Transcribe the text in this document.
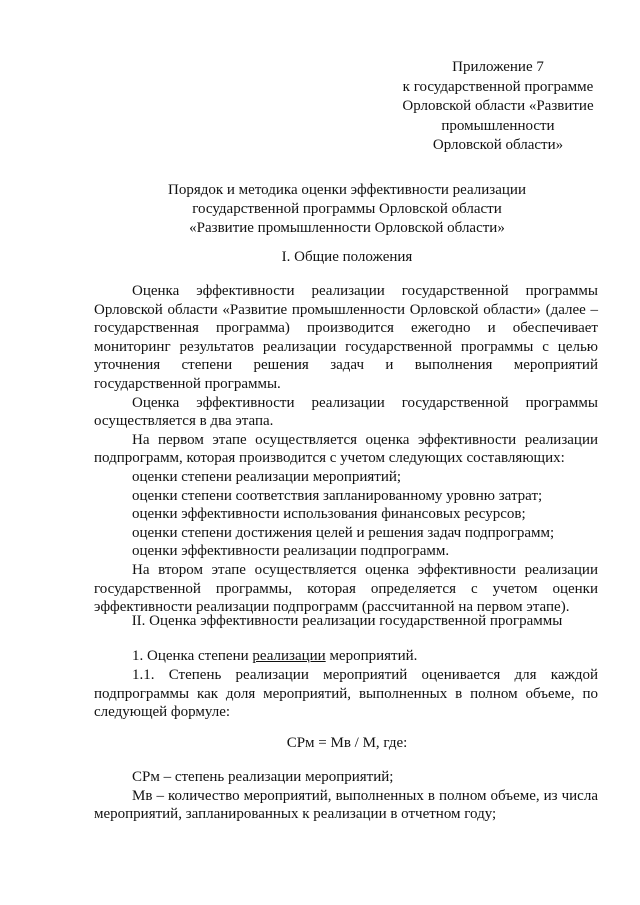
Приложение 7
к государственной программе
Орловской области «Развитие
промышленности
Орловской области»
Порядок и методика оценки эффективности реализации
государственной программы Орловской области
«Развитие промышленности Орловской области»
I. Общие положения

Оценка эффективности реализации государственной программы Орловской области «Развитие промышленности Орловской области» (далее – государственная программа) производится ежегодно и обеспечивает мониторинг результатов реализации государственной программы с целью уточнения степени решения задач и выполнения мероприятий государственной программы.

Оценка эффективности реализации государственной программы осуществляется в два этапа.

На первом этапе осуществляется оценка эффективности реализации подпрограмм, которая производится с учетом следующих составляющих:

оценки степени реализации мероприятий;

оценки степени соответствия запланированному уровню затрат;

оценки эффективности использования финансовых ресурсов;

оценки степени достижения целей и решения задач подпрограмм;

оценки эффективности реализации подпрограмм.

На втором этапе осуществляется оценка эффективности реализации государственной программы, которая определяется с учетом оценки эффективности реализации подпрограмм (рассчитанной на первом этапе).

II. Оценка эффективности реализации государственной программы
1. Оценка степени реализации мероприятий.

1.1. Степень реализации мероприятий оценивается для каждой подпрограммы как доля мероприятий, выполненных в полном объеме, по следующей формуле:

СРм = Мв / М, где:

СРм – степень реализации мероприятий;

Мв – количество мероприятий, выполненных в полном объеме, из числа мероприятий, запланированных к реализации в отчетном году;
